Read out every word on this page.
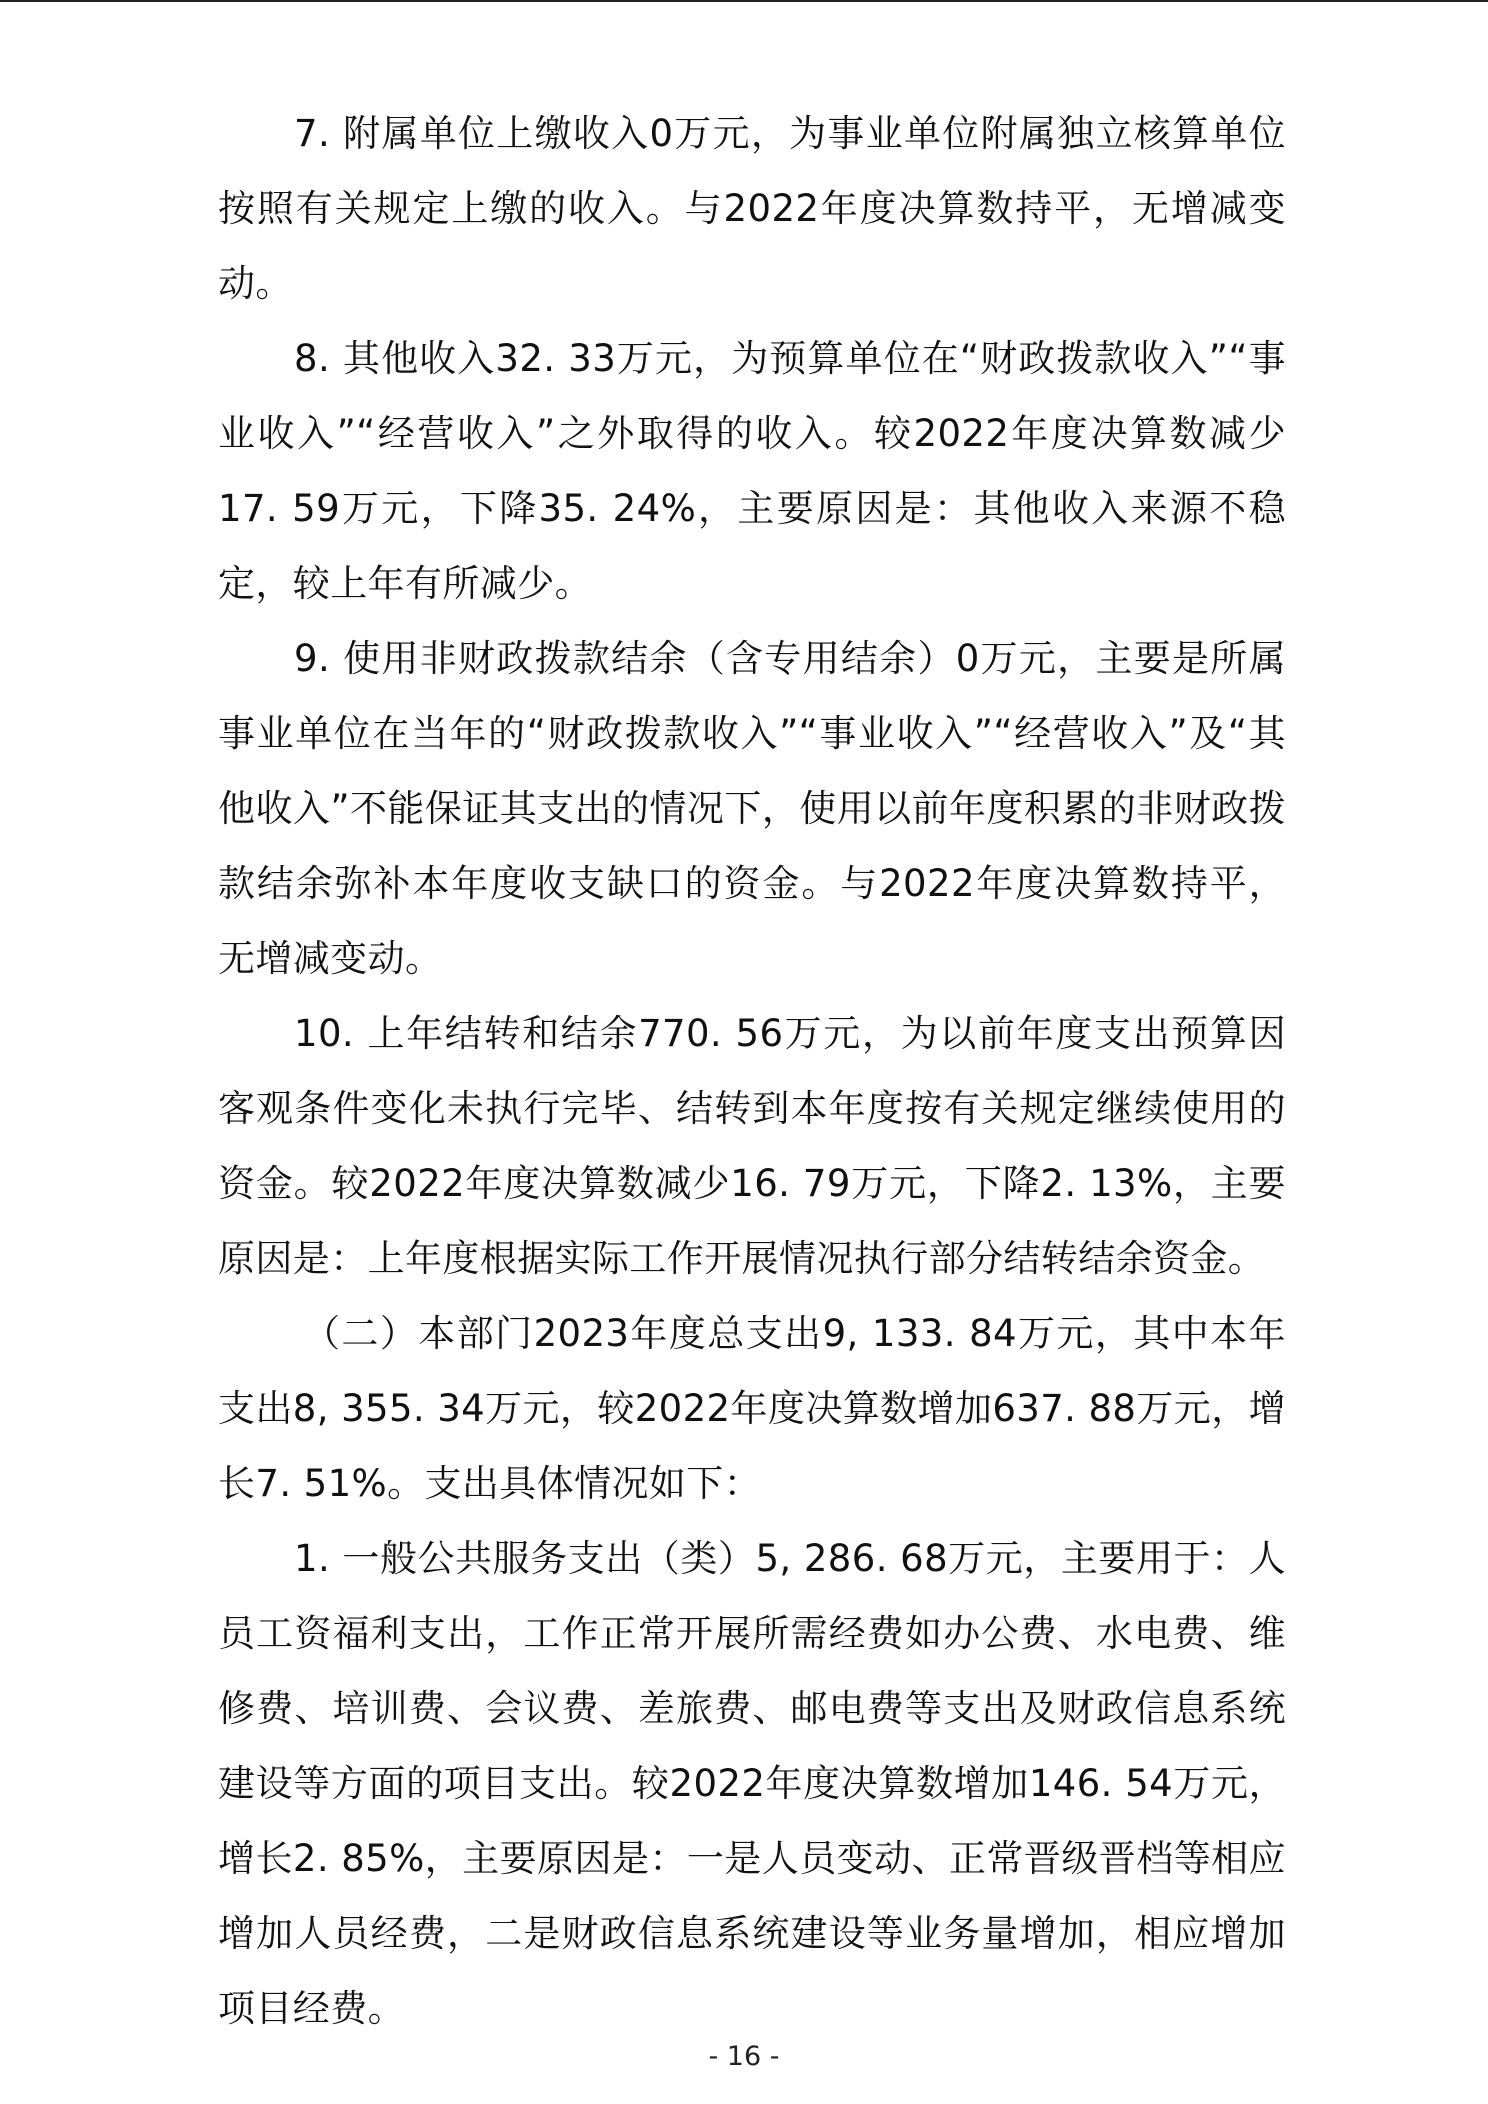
7. 附属单位上缴收入0万元，为事业单位附属独立核算单位按照有关规定上缴的收入。与2022年度决算数持平，无增减变动。

8. 其他收入32. 33万元，为预算单位在“财政拨款收入”“事业收入”“经营收入”之外取得的收入。较2022年度决算数减少17. 59万元，下降35. 24%，主要原因是：其他收入来源不稳定，较上年有所减少。

9. 使用非财政拨款结余（含专用结余）0万元，主要是所属事业单位在当年的“财政拨款收入”“事业收入”“经营收入”及“其他收入”不能保证其支出的情况下，使用以前年度积累的非财政拨款结余弥补本年度收支缺口的资金。与2022年度决算数持平，无增减变动。

10. 上年结转和结余770. 56万元，为以前年度支出预算因客观条件变化未执行完毕、结转到本年度按有关规定继续使用的资金。较2022年度决算数减少16. 79万元，下降2. 13%，主要原因是：上年度根据实际工作开展情况执行部分结转结余资金。

（二）本部门2023年度总支出9, 133. 84万元，其中本年支出8, 355. 34万元，较2022年度决算数增加637. 88万元，增长7. 51%。支出具体情况如下：

1. 一般公共服务支出（类）5, 286. 68万元，主要用于：人员工资福利支出，工作正常开展所需经费如办公费、水电费、维修费、培训费、会议费、差旅费、邮电费等支出及财政信息系统建设等方面的项目支出。较2022年度决算数增加146. 54万元，增长2. 85%，主要原因是：一是人员变动、正常晋级晋档等相应增加人员经费，二是财政信息系统建设等业务量增加，相应增加项目经费。

- 16 -
